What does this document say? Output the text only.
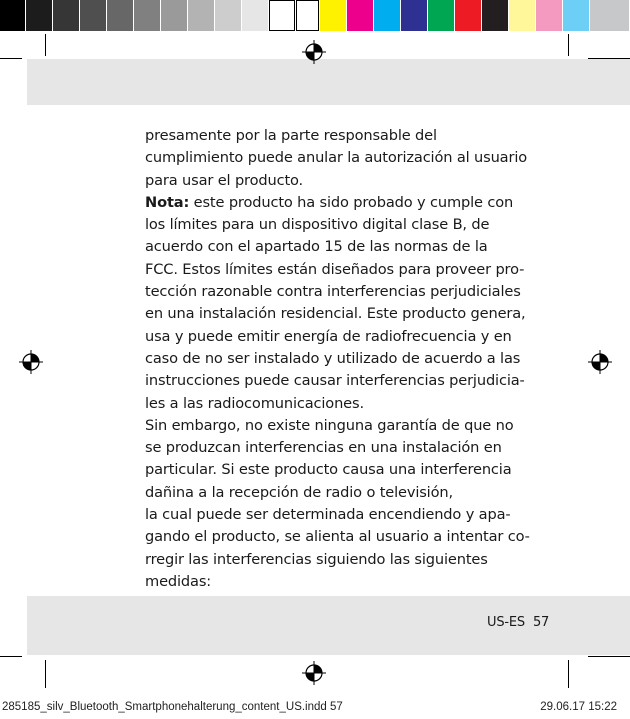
presamente por la parte responsable del
cumplimiento puede anular la autorización al usuario
para usar el producto.
Nota: este producto ha sido probado y cumple con
los límites para un dispositivo digital clase B, de
acuerdo con el apartado 15 de las normas de la
FCC. Estos límites están diseñados para proveer pro-
tección razonable contra interferencias perjudiciales
en una instalación residencial. Este producto genera,
usa y puede emitir energía de radiofrecuencia y en
caso de no ser instalado y utilizado de acuerdo a las
instrucciones puede causar interferencias perjudicia-
les a las radiocomunicaciones.
Sin embargo, no existe ninguna garantía de que no
se produzcan interferencias en una instalación en
particular. Si este producto causa una interferencia
dañina a la recepción de radio o televisión,
la cual puede ser determinada encendiendo y apa-
gando el producto, se alienta al usuario a intentar co-
rregir las interferencias siguiendo las siguientes
medidas:
US-ES 57
285185_silv_Bluetooth_Smartphonehalterung_content_US.indd 57	29.06.17 15:22
